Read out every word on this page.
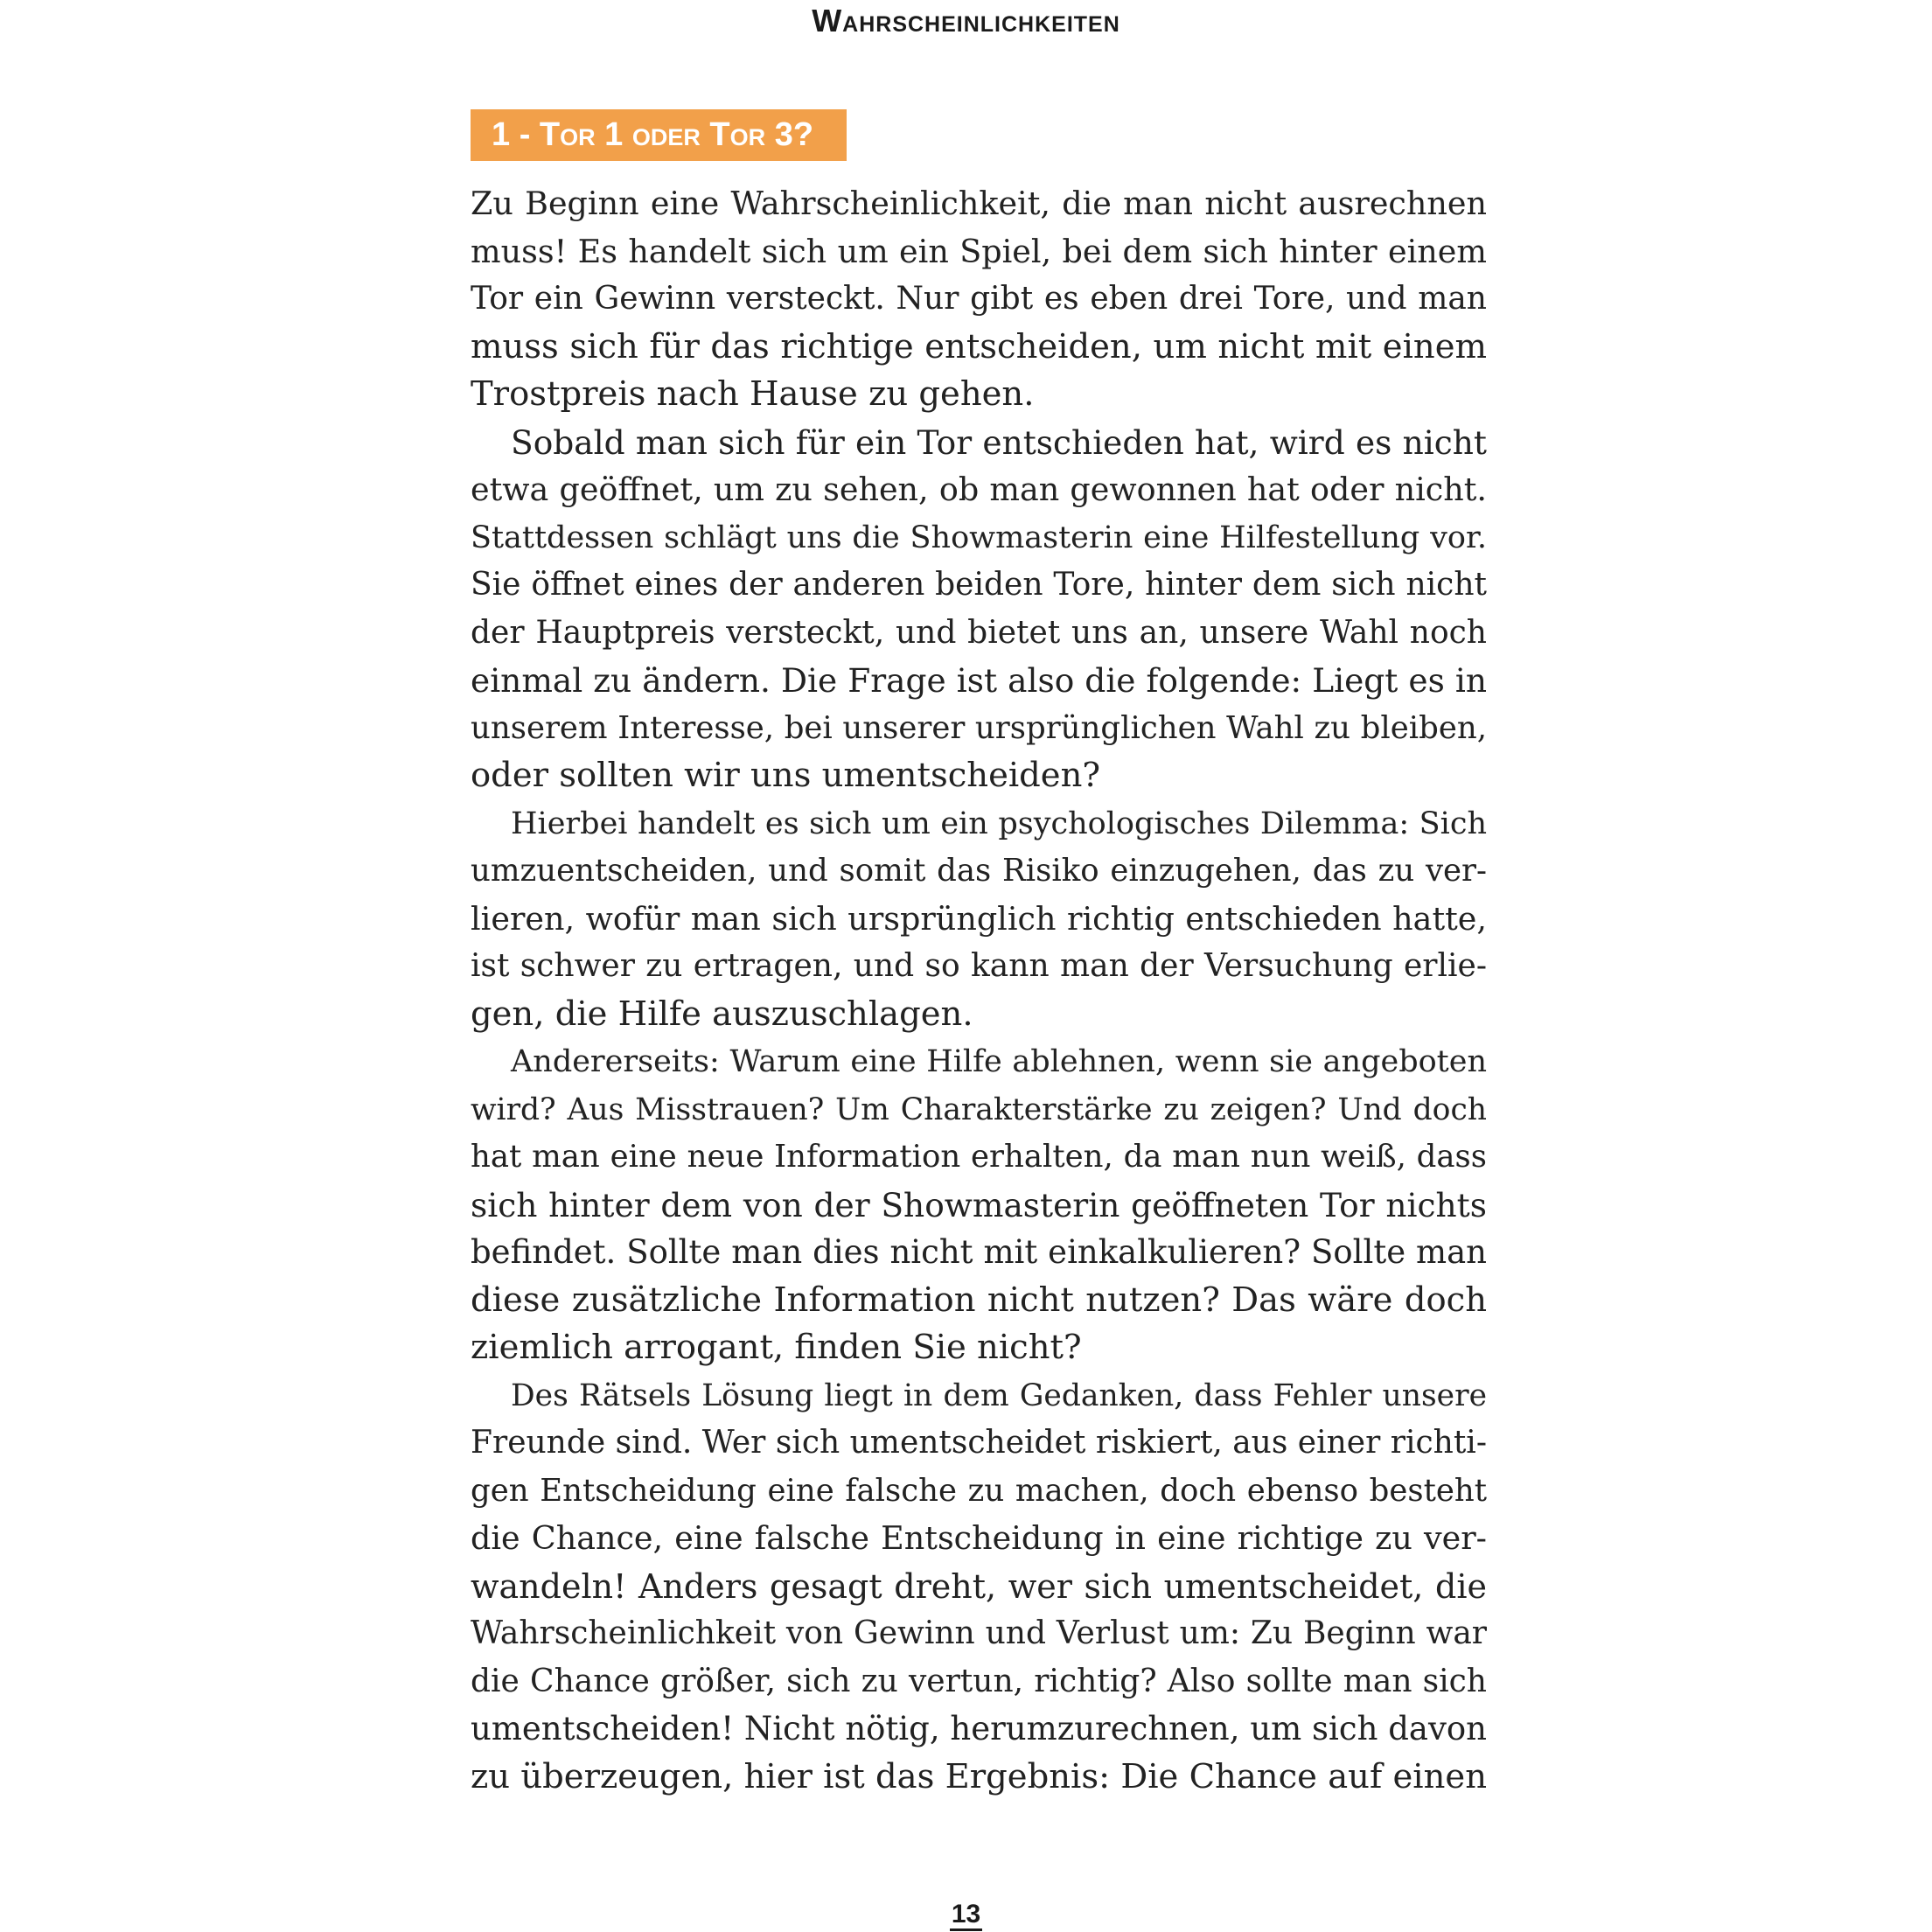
Wahrscheinlichkeiten
1 - Tor 1 oder Tor 3?
Zu Beginn eine Wahrscheinlichkeit, die man nicht ausrechnen
muss! Es handelt sich um ein Spiel, bei dem sich hinter einem
Tor ein Gewinn versteckt. Nur gibt es eben drei Tore, und man
muss sich für das richtige entscheiden, um nicht mit einem
Trostpreis nach Hause zu gehen.
Sobald man sich für ein Tor entschieden hat, wird es nicht
etwa geöffnet, um zu sehen, ob man gewonnen hat oder nicht.
Stattdessen schlägt uns die Showmasterin eine Hilfestellung vor.
Sie öffnet eines der anderen beiden Tore, hinter dem sich nicht
der Hauptpreis versteckt, und bietet uns an, unsere Wahl noch
einmal zu ändern. Die Frage ist also die folgende: Liegt es in
unserem Interesse, bei unserer ursprünglichen Wahl zu bleiben,
oder sollten wir uns umentscheiden?
Hierbei handelt es sich um ein psychologisches Dilemma: Sich
umzuentscheiden, und somit das Risiko einzugehen, das zu ver-
lieren, wofür man sich ursprünglich richtig entschieden hatte,
ist schwer zu ertragen, und so kann man der Versuchung erlie-
gen, die Hilfe auszuschlagen.
Andererseits: Warum eine Hilfe ablehnen, wenn sie angeboten
wird? Aus Misstrauen? Um Charakterstärke zu zeigen? Und doch
hat man eine neue Information erhalten, da man nun weiß, dass
sich hinter dem von der Showmasterin geöffneten Tor nichts
befindet. Sollte man dies nicht mit einkalkulieren? Sollte man
diese zusätzliche Information nicht nutzen? Das wäre doch
ziemlich arrogant, finden Sie nicht?
Des Rätsels Lösung liegt in dem Gedanken, dass Fehler unsere
Freunde sind. Wer sich umentscheidet riskiert, aus einer richti-
gen Entscheidung eine falsche zu machen, doch ebenso besteht
die Chance, eine falsche Entscheidung in eine richtige zu ver-
wandeln! Anders gesagt dreht, wer sich umentscheidet, die
Wahrscheinlichkeit von Gewinn und Verlust um: Zu Beginn war
die Chance größer, sich zu vertun, richtig? Also sollte man sich
umentscheiden! Nicht nötig, herumzurechnen, um sich davon
zu überzeugen, hier ist das Ergebnis: Die Chance auf einen
13
